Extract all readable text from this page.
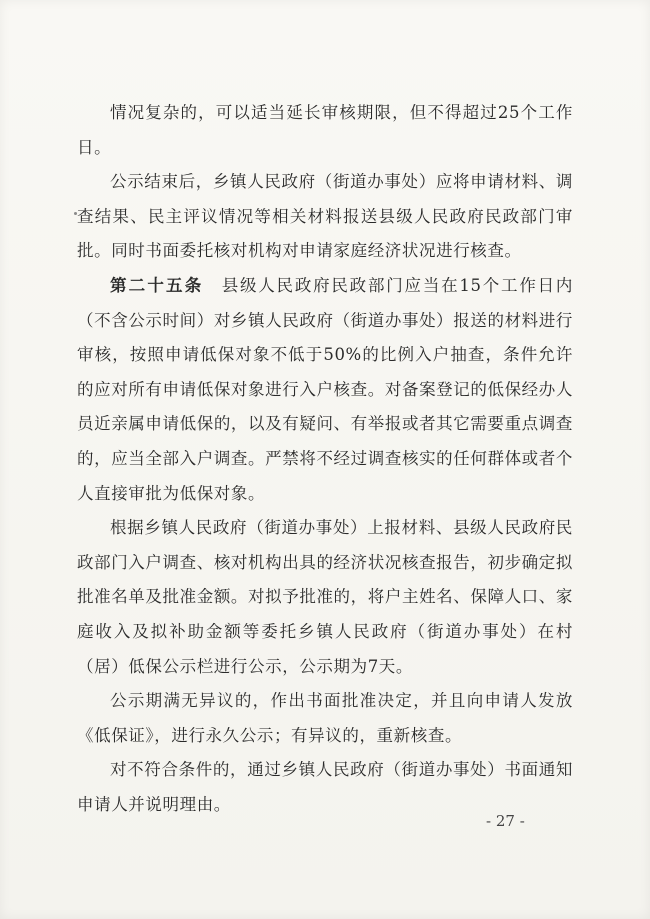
情况复杂的，可以适当延长审核期限，但不得超过25个工作日。

公示结束后，乡镇人民政府（街道办事处）应将申请材料、调查结果、民主评议情况等相关材料报送县级人民政府民政部门审批。同时书面委托核对机构对申请家庭经济状况进行核查。

第二十五条　县级人民政府民政部门应当在15个工作日内（不含公示时间）对乡镇人民政府（街道办事处）报送的材料进行审核，按照申请低保对象不低于50%的比例入户抽查，条件允许的应对所有申请低保对象进行入户核查。对备案登记的低保经办人员近亲属申请低保的，以及有疑问、有举报或者其它需要重点调查的，应当全部入户调查。严禁将不经过调查核实的任何群体或者个人直接审批为低保对象。

根据乡镇人民政府（街道办事处）上报材料、县级人民政府民政部门入户调查、核对机构出具的经济状况核查报告，初步确定拟批准名单及批准金额。对拟予批准的，将户主姓名、保障人口、家庭收入及拟补助金额等委托乡镇人民政府（街道办事处）在村（居）低保公示栏进行公示，公示期为7天。

公示期满无异议的，作出书面批准决定，并且向申请人发放《低保证》，进行永久公示；有异议的，重新核查。

对不符合条件的，通过乡镇人民政府（街道办事处）书面通知申请人并说明理由。

- 27 -
